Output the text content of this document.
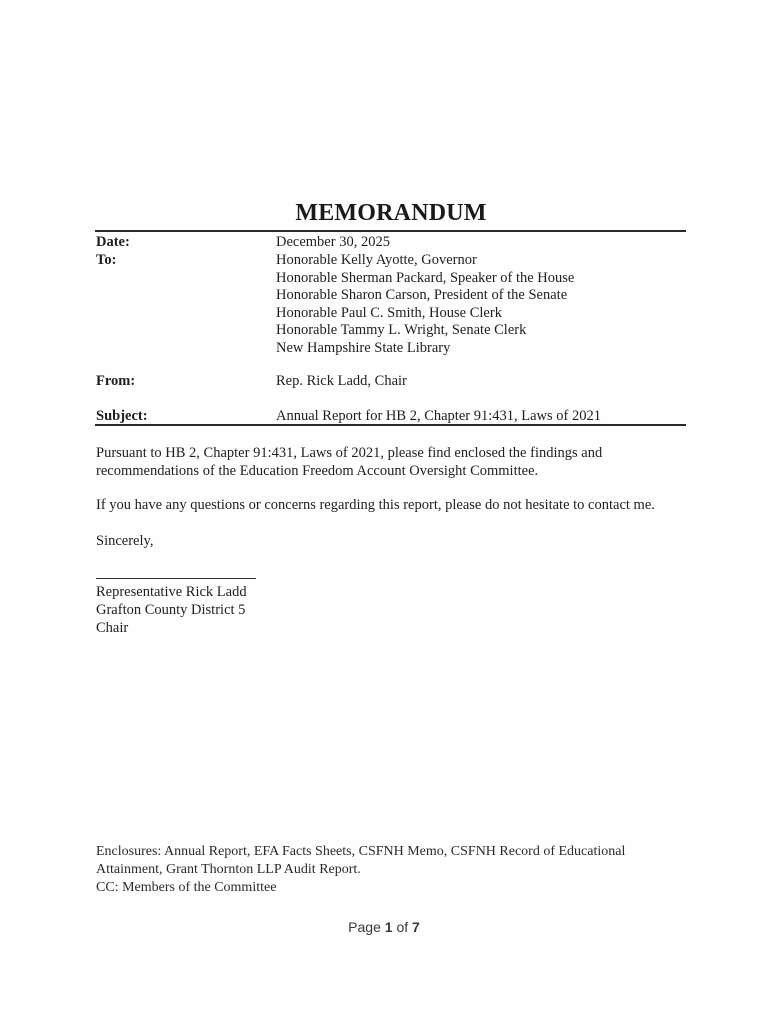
MEMORANDUM
Date:	December 30, 2025
To:	Honorable Kelly Ayotte, Governor
Honorable Sherman Packard, Speaker of the House
Honorable Sharon Carson, President of the Senate
Honorable Paul C. Smith, House Clerk
Honorable Tammy L. Wright, Senate Clerk
New Hampshire State Library
From:	Rep. Rick Ladd, Chair
Subject:	Annual Report for HB 2, Chapter 91:431, Laws of 2021
Pursuant to HB 2, Chapter 91:431, Laws of 2021, please find enclosed the findings and
recommendations of the Education Freedom Account Oversight Committee.
If you have any questions or concerns regarding this report, please do not hesitate to contact me.
Sincerely,
Representative Rick Ladd
Grafton County District 5
Chair
Enclosures: Annual Report, EFA Facts Sheets, CSFNH Memo, CSFNH Record of Educational
Attainment, Grant Thornton LLP Audit Report.
CC: Members of the Committee
Page 1 of 7
